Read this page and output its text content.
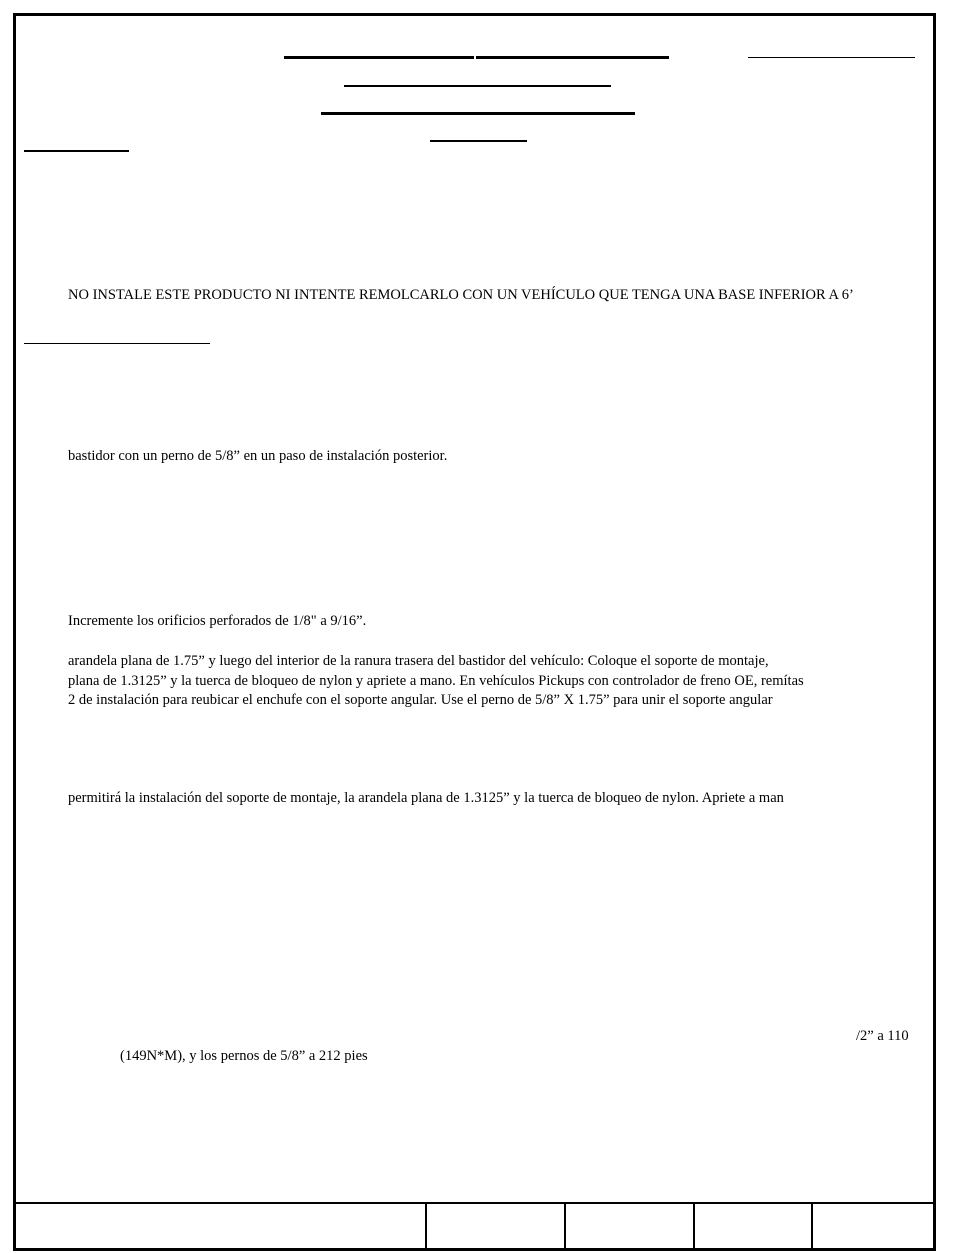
NO INSTALE ESTE PRODUCTO NI INTENTE REMOLCARLO CON UN VEHÍCULO QUE TENGA UNA BASE INFERIOR A 6’
bastidor con un perno de 5/8” en un paso de instalación posterior.
Incremente los orificios perforados de 1/8" a 9/16”.
arandela plana de 1.75” y luego del interior de la ranura trasera del bastidor del vehículo: Coloque el soporte de montaje,
plana de 1.3125” y la tuerca de bloqueo de nylon y apriete a mano. En vehículos Pickups con controlador de freno OE, remítas
2 de instalación para reubicar el enchufe con el soporte angular. Use el perno de 5/8” X 1.75” para unir el soporte angular
permitirá la instalación del soporte de montaje, la arandela plana de 1.3125” y la tuerca de bloqueo de nylon. Apriete a man
/2” a 110
(149N*M), y los pernos de 5/8” a 212 pies
